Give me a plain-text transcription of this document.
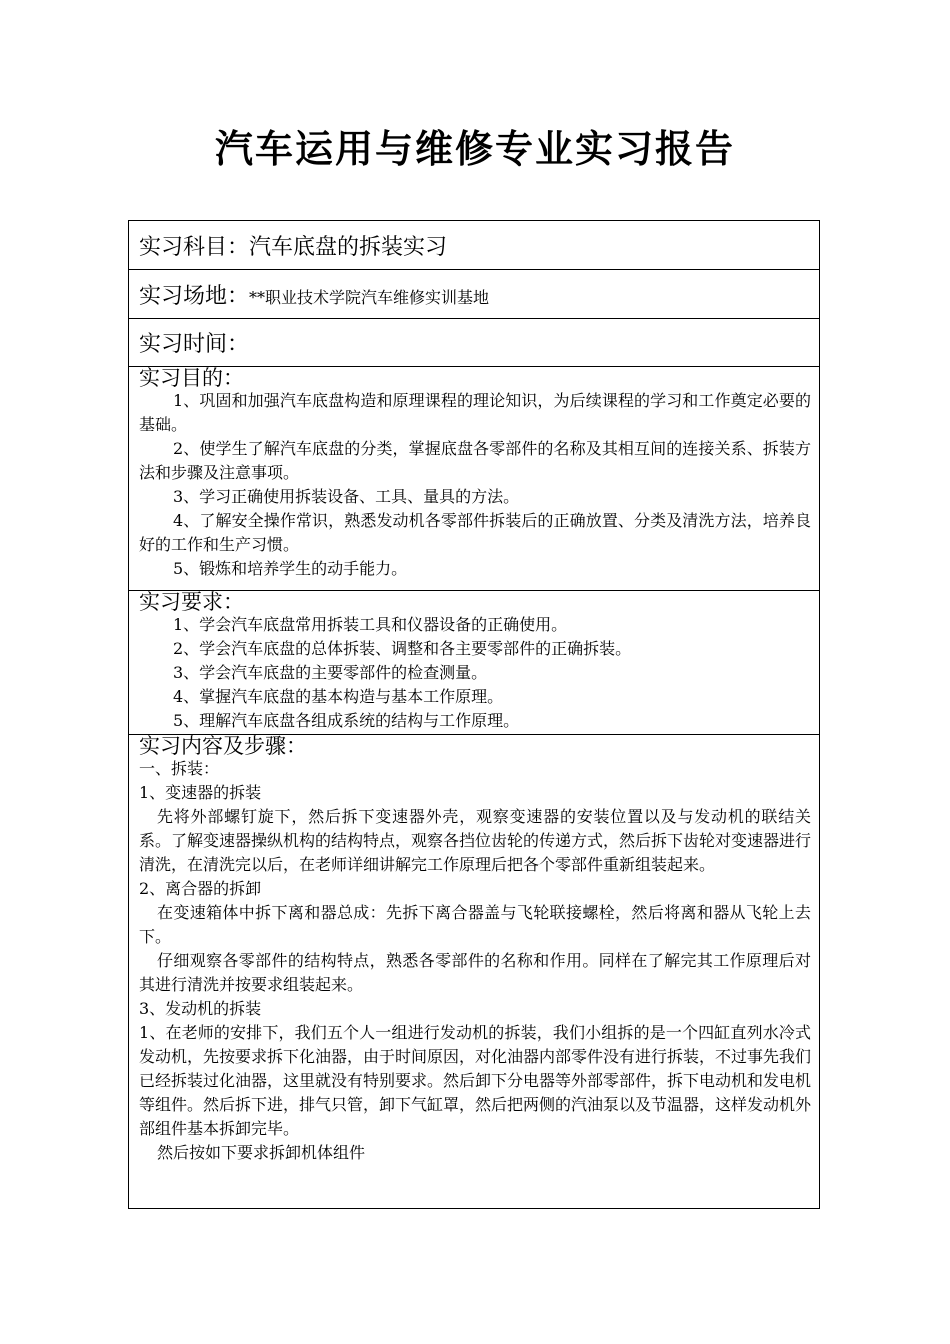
汽车运用与维修专业实习报告
实习科目：汽车底盘的拆装实习
实习场地：**职业技术学院汽车维修实训基地
实习时间：

实习目的：
1、巩固和加强汽车底盘构造和原理课程的理论知识，为后续课程的学习和工作奠定必要的基础。
2、使学生了解汽车底盘的分类，掌握底盘各零部件的名称及其相互间的连接关系、拆装方法和步骤及注意事项。
3、学习正确使用拆装设备、工具、量具的方法。
4、了解安全操作常识，熟悉发动机各零部件拆装后的正确放置、分类及清洗方法，培养良好的工作和生产习惯。
5、锻炼和培养学生的动手能力。

实习要求：
1、学会汽车底盘常用拆装工具和仪器设备的正确使用。
2、学会汽车底盘的总体拆装、调整和各主要零部件的正确拆装。
3、学会汽车底盘的主要零部件的检查测量。
4、掌握汽车底盘的基本构造与基本工作原理。
5、理解汽车底盘各组成系统的结构与工作原理。

实习内容及步骤：
一、拆装：
1、变速器的拆装
先将外部螺钉旋下，然后拆下变速器外壳，观察变速器的安装位置以及与发动机的联结关系。了解变速器操纵机构的结构特点，观察各挡位齿轮的传递方式，然后拆下齿轮对变速器进行清洗，在清洗完以后，在老师详细讲解完工作原理后把各个零部件重新组装起来。
2、离合器的拆卸
在变速箱体中拆下离和器总成：先拆下离合器盖与飞轮联接螺栓，然后将离和器从飞轮上去下。
仔细观察各零部件的结构特点，熟悉各零部件的名称和作用。同样在了解完其工作原理后对其进行清洗并按要求组装起来。
3、发动机的拆装
1、在老师的安排下，我们五个人一组进行发动机的拆装，我们小组拆的是一个四缸直列水冷式发动机，先按要求拆下化油器，由于时间原因，对化油器内部零件没有进行拆装，不过事先我们已经拆装过化油器，这里就没有特别要求。然后卸下分电器等外部零部件，拆下电动机和发电机等组件。然后拆下进，排气只管，卸下气缸罩，然后把两侧的汽油泵以及节温器，这样发动机外部组件基本拆卸完毕。
然后按如下要求拆卸机体组件
